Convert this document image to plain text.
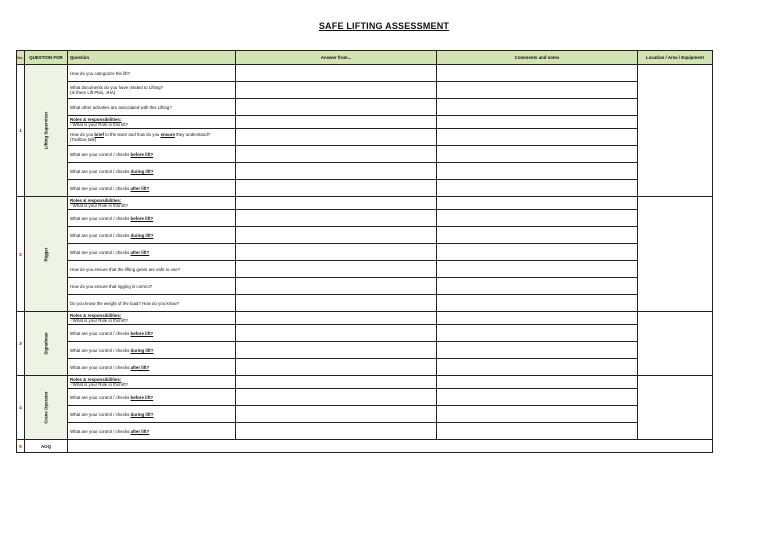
SAFE LIFTING ASSESSMENT
No.	QUESTION FOR	Question	Answer from...	Comments and notes	Location / Area / Equipment
1	Lifting Supervisor	How do you categorize the lift?			

		What documents do you have related to Lifting?
(Is there Lift Plan, JHA)			

		What other activities are associated with this Lifting?			

		Roles & responsibilities:
- What is your Role in this lift?			

		How do you brief to the team and how do you ensure they understand?
(Toolbox talk)			

		What are your control / checks before lift?			

		What are your control / checks during lift?			

		What are your control / checks after lift?			

2	Rigger	Roles & responsibilities:
- What is your Role in this lift?			

		What are your control / checks before lift?			

		What are your control / checks during lift?			

		What are your control / checks after lift?			

		How do you ensure that the lifting gears are safe to use?			

		How do you ensure that rigging is correct?			

		Do you know the weight of the load? How do you know?			

3	Signalman	Roles & responsibilities:
- What is your Role in this lift?			

		What are your control / checks before lift?			

		What are your control / checks during lift?			

		What are your control / checks after lift?			

4	Crane Operator	Roles & responsibilities:
- What is your Role in this lift?			

		What are your control / checks before lift?			

		What are your control / checks during lift?			

		What are your control / checks after lift?			

5	AOQ				
